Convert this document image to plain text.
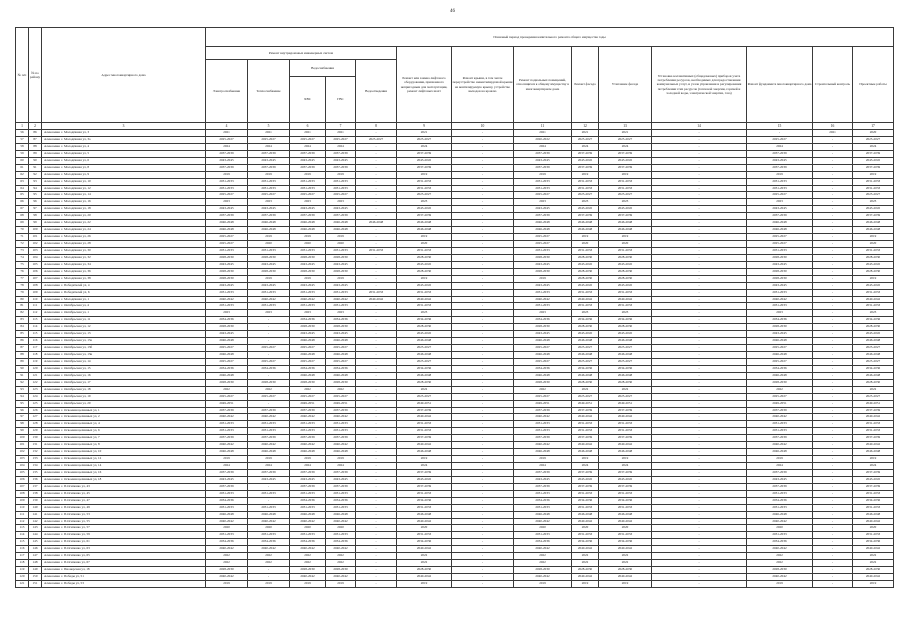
46
№ п/п	№ по району	Адрес многоквартирного дома	Плановый период проведения капитального ремонта общего имущества годы													
			Ремонт внутридомовых инженерных систем					Ремонт или замена лифтового оборудования, признанного непригодным для эксплуатации, ремонт лифтовых шахт	Ремонт крыши, в том числе переустройство невентилируемой крыши на вентилируемую крышу, устройство выходов на кровлю	Ремонт подвальных помещений, относящихся к общему имуществу в многоквартирном доме	Ремонт фасада	Утепление фасада	Установка коллективных (общедомовых) приборов учета потребления ресурсов, необходимых для предоставления коммунальных услуг, и узлов управления и регулирования потребления этих ресурсов (тепловой энергии, горячей и холодной воды, электрической энергии, газа)	Ремонт фундамента многоквартирного дома	Строительный контроль	Проектные работы
			Электроснабжение	Теплоснабжение	Водоснабжения		Водоотведения									
					ХВС	ГВС										
1	2	3	4	5	6	7	8	9	10	11	12	13	14	15	16	17
56	86	Алексеевка с. Молодёжная ул, 3	2021	2021	2021	2021	-	2021	-	2021	2021	2021	-	-	2021	2020
57	87	Алексеевка с. Молодёжная ул, 3а	2025-2027	2025-2027	2025-2027	2025-2027	2025-2027	2025-2027	-	2020-2022	2025-2027	2025-2027	-	2025-2027	-	2025-2027
58	88	Алексеевка с. Молодёжная ул, 4	2024	2024	2024	2024	-	2024	-	2024	2024	2024	-	2024	-	2024
59	89	Алексеевка с. Молодёжная ул, 5	2037-2039	2037-2039	2037-2039	2037-2039	-	2037-2039	-	2037-2039	2037-2039	2037-2039	-	2037-2039	-	2037-2039
60	90	Алексеевка с. Молодёжная ул, 6	2043-2045	2043-2045	2043-2045	2043-2045	-	2043-2045	-	2043-2045	2043-2045	2043-2045	-	2043-2045	-	2043-2045
61	91	Алексеевка с. Молодёжная ул, 8	2037-2039	2037-2039	2037-2039	2037-2039	-	2037-2039	-	2037-2039	2037-2039	2037-2039	-	2037-2039	-	2037-2039
62	92	Алексеевка с. Молодёжная ул, 9	2019	2019	2019	2019	-	2019	-	2019	2019	2019	-	2019	-	2019
63	93	Алексеевка с. Молодёжная ул, 10	2031-2033	2031-2033	2031-2033	2031-2033	-	2031-2033	-	2031-2033	2031-2033	2031-2033	-	2031-2033	-	2031-2033
64	94	Алексеевка с. Молодёжная ул, 12	2031-2033	2031-2033	2031-2033	2031-2033	-	2031-2033	-	2031-2033	2031-2033	2031-2033	-	2031-2033	-	2031-2033
65	95	Алексеевка с. Молодёжная ул, 14	2025-2027	2025-2027	2025-2027	2025-2027	-	2025-2027	-	2025-2027	2025-2027	2025-2027	-	2025-2027	-	2025-2027
66	96	Алексеевка с. Молодёжная ул, 16	2023	2023	2023	2023	-	2023	-	2023	2023	2023	-	2023	-	2023
67	97	Алексеевка с. Молодёжная ул, 18	2043-2045	2043-2045	2043-2045	2043-2045	-	2043-2045	-	2043-2045	2043-2045	2043-2045	-	2043-2045	-	2043-2045
68	98	Алексеевка с. Молодёжная ул, 20	2037-2039	2037-2039	2037-2039	2037-2039	-	2037-2039	-	2037-2039	2037-2039	2037-2039	-	2037-2039	-	2037-2039
69	99	Алексеевка с. Молодёжная ул, 22	2046-2048	2046-2048	2046-2048	2046-2048	2046-2048	2046-2048	-	2046-2048	2046-2048	2046-2048	-	2046-2048	-	2046-2048
70	100	Алексеевка с. Молодёжная ул, 24	2046-2048	2046-2048	2046-2048	2046-2048	-	2046-2048	-	2046-2048	2046-2048	2046-2048	-	2046-2048	-	2046-2048
71	101	Алексеевка с. Молодёжная ул, 26	2025-2027	2019	2019	2019	-	2019	-	2025-2027	2019	2019	-	2025-2027	-	2019
72	102	Алексеевка с. Молодёжная ул, 28	2025-2027	2020	2020	2020	-	2020	-	2025-2027	2020	2020	-	2025-2027	-	2020
73	103	Алексеевка с. Молодёжная ул, 30	2031-2033	2031-2033	2031-2033	2031-2033	2031-2033	2031-2033	-	2031-2033	2031-2033	2031-2033	-	2031-2033	-	2031-2033
74	104	Алексеевка с. Молодёжная ул, 32	2028-2030	2028-2030	2028-2030	2028-2030	-	2028-2030	-	2028-2030	2028-2030	2028-2030	-	2028-2030	-	2028-2030
75	105	Алексеевка с. Молодёжная ул, 34	2043-2045	2043-2045	2043-2045	2043-2045	-	2043-2045	-	2043-2045	2043-2045	2043-2045	-	2043-2045	-	2043-2045
76	106	Алексеевка с. Молодёжная ул, 36	2028-2030	2028-2030	2028-2030	2028-2030	-	2028-2030	-	2028-2030	2028-2030	2028-2030	-	2028-2030	-	2028-2030
77	107	Алексеевка с. Молодёжная ул, 38	2028-2030	2019	2019	2019	-	2019	-	2019	2028-2030	2028-2030	-	2028-2030	-	2019
78	108	Алексеевка с. Победителей ул, 4	2043-2045	2043-2045	2043-2045	2043-2045	-	2043-2045	-	2043-2045	2043-2045	2043-2045	-	2043-2045	-	2043-2045
79	109	Алексеевка с. Победителей ул, 6	2031-2033	2031-2033	2031-2033	2031-2033	2031-2033	2031-2033	-	2031-2033	2031-2033	2031-2033	-	2031-2033	-	2031-2033
80	110	Алексеевка с. Молодёжная ул, 1	2040-2042	2040-2042	2040-2042	2040-2042	2040-2042	2040-2042	-	2040-2042	2040-2042	2040-2042	-	2040-2042	-	2040-2042
81	111	Алексеевка с. Октябрьская ул, 4	2031-2033	2031-2033	2031-2033	2031-2033	-	2031-2033	-	2031-2033	2031-2033	2031-2033	-	2031-2033	-	2031-2033
82	112	Алексеевка с. Октябрьская ул, 1	2023	2023	2023	2023	-	2023	-	2023	2023	2023	-	2023	-	2023
83	113	Алексеевка с. Октябрьская ул, 11	2034-2036	-	2034-2036	2034-2036	-	2034-2036	-	2034-2036	2034-2036	2034-2036	-	2034-2036	-	2034-2036
84	114	Алексеевка с. Октябрьская ул, 12	2028-2030	-	2028-2030	2028-2030	-	2028-2030	-	2028-2030	2028-2030	2028-2030	-	2028-2030	-	2028-2030
85	115	Алексеевка с. Октябрьская ул, 13	2043-2045	-	2043-2045	2043-2045	-	2043-2045	-	2043-2045	2043-2045	2043-2045	-	2043-2045	-	2043-2045
86	116	Алексеевка с. Октябрьская ул, 13а	2046-2048	-	2046-2048	2046-2048	-	2046-2048	-	2046-2048	2046-2048	2046-2048	-	2046-2048	-	2046-2048
87	117	Алексеевка с. Октябрьская ул, 13б	2025-2027	2025-2027	2025-2027	2025-2027	-	2025-2027	-	2025-2027	2025-2027	2025-2027	-	2025-2027	-	2025-2027
88	118	Алексеевка с. Октябрьская ул, 13в	2046-2048	-	2046-2048	2046-2048	-	2046-2048	-	2046-2048	2046-2048	2046-2048	-	2046-2048	-	2046-2048
89	119	Алексеевка с. Октябрьская ул, 14	2025-2027	2025-2027	2025-2027	2025-2027	-	2025-2027	-	2025-2027	2025-2027	2025-2027	-	2025-2027	-	2025-2027
90	120	Алексеевка с. Октябрьская ул, 15	2034-2036	2034-2036	2034-2036	2034-2036	-	2034-2036	-	2034-2036	2034-2036	2034-2036	-	2034-2036	-	2034-2036
91	121	Алексеевка с. Октябрьская ул, 16	2046-2048	-	2046-2048	2046-2048	-	2046-2048	-	2046-2048	2046-2048	2046-2048	-	2046-2048	-	2046-2048
92	122	Алексеевка с. Октябрьская ул, 17	2028-2030	2028-2030	2028-2030	2028-2030	-	2028-2030	-	2028-2030	2028-2030	2028-2030	-	2028-2030	-	2028-2030
93	123	Алексеевка с. Октябрьская ул, 18	2022	2022	2022	2022	-	2022	-	2022	2022	2022	-	2022	-	2022
94	124	Алексеевка с. Октябрьская ул, 19	2025-2027	2025-2027	2025-2027	2025-2027	-	2025-2027	-	2025-2027	2025-2027	2025-2027	-	2025-2027	-	2025-2027
95	125	Алексеевка с. Октябрьская ул, 20	2049-2051	-	2049-2051	2049-2051	-	2049-2051	-	2049-2051	2049-2051	2049-2051	-	2049-2051	-	2049-2051
96	126	Алексеевка с. Освоения целинных ул, 1	2037-2039	2037-2039	2037-2039	2037-2039	-	2037-2039	-	2037-2039	2037-2039	2037-2039	-	2037-2039	-	2037-2039
97	127	Алексеевка с. Освоения целинных ул, 2	2040-2042	2040-2042	2040-2042	2040-2042	-	2040-2042	-	2040-2042	2040-2042	2040-2042	-	2040-2042	-	2040-2042
98	128	Алексеевка с. Освоения целинных ул, 4	2031-2033	2031-2033	2031-2033	2031-2033	-	2031-2033	-	2031-2033	2031-2033	2031-2033	-	2031-2033	-	2031-2033
99	129	Алексеевка с. Освоения целинных ул, 6	2031-2033	2031-2033	2031-2033	2031-2033	-	2031-2033	-	2031-2033	2031-2033	2031-2033	-	2031-2033	-	2031-2033
100	130	Алексеевка с. Освоения целинных ул, 7	2037-2039	2037-2039	2037-2039	2037-2039	-	2037-2039	-	2037-2039	2037-2039	2037-2039	-	2037-2039	-	2037-2039
101	131	Алексеевка с. Освоения целинных ул, 8	2040-2042	2040-2042	2040-2042	2040-2042	-	2040-2042	-	2040-2042	2040-2042	2040-2042	-	2040-2042	-	2040-2042
102	132	Алексеевка с. Освоения целинных ул, 10	2046-2048	2046-2048	2046-2048	2046-2048	-	2046-2048	-	2046-2048	2046-2048	2046-2048	-	2046-2048	-	2046-2048
103	133	Алексеевка с. Освоения целинных ул, 12	2019	2019	2019	2019	-	2019	-	2019	2019	2019	-	2019	-	2019
104	134	Алексеевка с. Освоения целинных ул, 14	2024	2024	2024	2024	-	2024	-	2024	2024	2024	-	2024	-	2024
105	135	Алексеевка с. Освоения целинных ул, 16	2037-2039	2037-2039	2037-2039	2037-2039	-	2037-2039	-	2037-2039	2037-2039	2037-2039	-	2037-2039	-	2037-2039
106	136	Алексеевка с. Освоения целинных ул, 18	2043-2045	2043-2045	2043-2045	2043-2045	-	2043-2045	-	2043-2045	2043-2045	2043-2045	-	2043-2045	-	2043-2045
107	137	Алексеевка с. П.Осипенко ул, 43	2037-2039	-	2037-2039	2037-2039	-	2037-2039	-	2037-2039	2037-2039	2037-2039	-	2037-2039	-	2037-2039
108	138	Алексеевка с. П.Осипенко ул, 45	2031-2033	2031-2033	2031-2033	2031-2033	-	2031-2033	-	2031-2033	2031-2033	2031-2033	-	2031-2033	-	2031-2033
109	139	Алексеевка с. П.Осипенко ул, 47	2034-2036	-	2034-2036	2034-2036	-	2034-2036	-	2034-2036	2034-2036	2034-2036	-	2034-2036	-	2034-2036
110	140	Алексеевка с. П.Осипенко ул, 49	2031-2033	2031-2033	2031-2033	2031-2033	-	2031-2033	-	2031-2033	2031-2033	2031-2033	-	2031-2033	-	2031-2033
111	141	Алексеевка с. П.Осипенко ул, 53	2046-2048	2046-2048	2046-2048	2046-2048	-	2046-2048	-	2046-2048	2046-2048	2046-2048	-	2046-2048	-	2046-2048
112	142	Алексеевка с. П.Осипенко ул, 55	2040-2042	2040-2042	2040-2042	2040-2042	-	2040-2042	-	2040-2042	2040-2042	2040-2042	-	2040-2042	-	2040-2042
113	143	Алексеевка с. П.Осипенко ул, 57	2020	2020	2020	2020	-	2020	-	2020	2020	2020	-	2020	-	2020
114	144	Алексеевка с. П.Осипенко ул, 59	2031-2033	2031-2033	2031-2033	2031-2033	-	2031-2033	-	2031-2033	2031-2033	2031-2033	-	2031-2033	-	2031-2033
115	145	Алексеевка с. П.Осипенко ул, 61	2034-2036	2034-2036	2034-2036	2034-2036	-	2034-2036	-	2034-2036	2034-2036	2034-2036	-	2034-2036	-	2034-2036
116	146	Алексеевка с. П.Осипенко ул, 63	2040-2042	2040-2042	2040-2042	2040-2042	-	2040-2042	-	2040-2042	2040-2042	2040-2042	-	2040-2042	-	2040-2042
117	147	Алексеевка с. П.Осипенко ул, 65	2022	2022	2022	2022	-	2022	-	2022	2022	2022	-	2022	-	2022
118	148	Алексеевка с. П.Осипенко ул, 67	2022	2022	2022	2022	-	2022	-	2022	2022	2022	-	2022	-	2022
119	149	Алексеевка с. Пионерская ул, 18	2028-2030	-	2028-2030	2028-2030	-	2028-2030	-	2028-2030	2028-2030	2028-2030	-	2028-2030	-	2028-2030
120	150	Алексеевка с. Победы ул, 51	2040-2042	-	2040-2042	2040-2042	-	2040-2042	-	2040-2042	2040-2042	2040-2042	-	2040-2042	-	2040-2042
121	151	Алексеевка с. Победы ул, 53	2019	2019	2019	2019	-	2019	-	2019	2019	2019	-	2019	-	2019
